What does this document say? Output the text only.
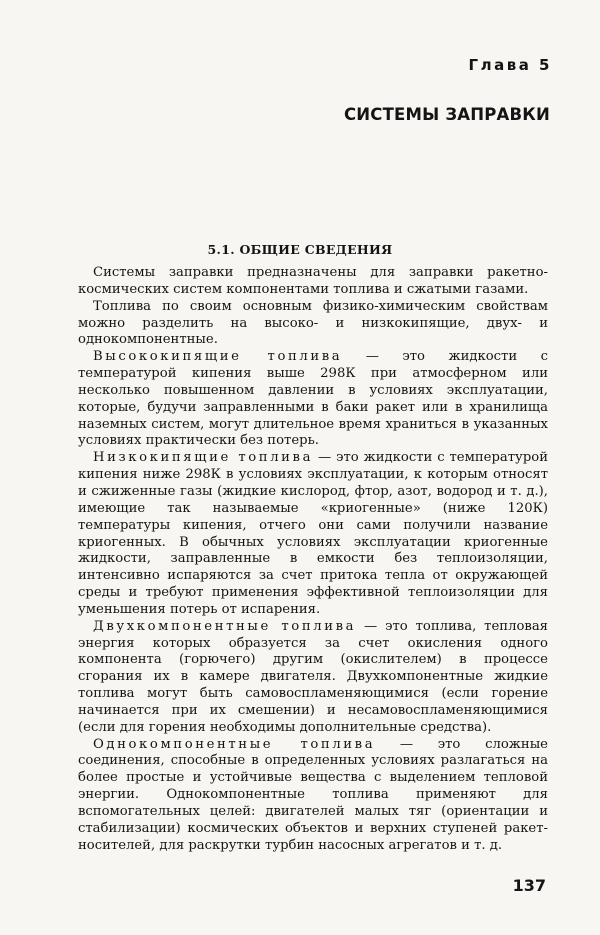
Глава 5
СИСТЕМЫ ЗАПРАВКИ
5.1. ОБЩИЕ СВЕДЕНИЯ

Системы заправки предназначены для заправки ракетно-космических систем компонентами топлива и сжатыми газами.

Топлива по своим основным физико-химическим свойствам можно разделить на высоко- и низкокипящие, двух- и однокомпонентные.

Высококипящие топлива — это жидкости с температурой кипения выше 298К при атмосферном или несколько повышенном давлении в условиях эксплуатации, которые, будучи заправленными в баки ракет или в хранилища наземных систем, могут длительное время храниться в указанных условиях практически без потерь.

Низкокипящие топлива — это жидкости с температурой кипения ниже 298К в условиях эксплуатации, к которым относят и сжиженные газы (жидкие кислород, фтор, азот, водород и т. д.), имеющие так называемые «криогенные» (ниже 120К) температуры кипения, отчего они сами получили название криогенных. В обычных условиях эксплуатации криогенные жидкости, заправленные в емкости без теплоизоляции, интенсивно испаряются за счет притока тепла от окружающей среды и требуют применения эффективной теплоизоляции для уменьшения потерь от испарения.

Двухкомпонентные топлива — это топлива, тепловая энергия которых образуется за счет окисления одного компонента (горючего) другим (окислителем) в процессе сгорания их в камере двигателя. Двухкомпонентные жидкие топлива могут быть самовоспламеняющимися (если горение начинается при их смешении) и несамовоспламеняющимися (если для горения необходимы дополнительные средства).

Однокомпонентные топлива — это сложные соединения, способные в определенных условиях разлагаться на более простые и устойчивые вещества с выделением тепловой энергии. Однокомпонентные топлива применяют для вспомогательных целей: двигателей малых тяг (ориентации и стабилизации) космических объектов и верхних ступеней ракет-носителей, для раскрутки турбин насосных агрегатов и т. д.

137
